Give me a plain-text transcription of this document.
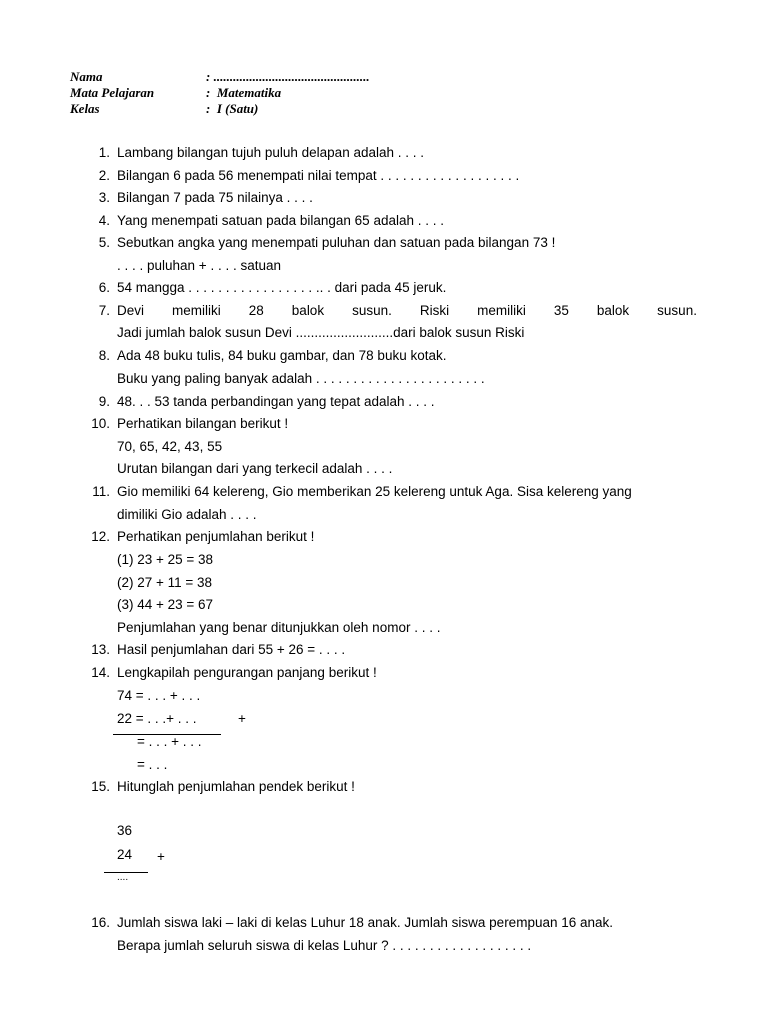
Nama	: ................................................
Mata Pelajaran	:  Matematika
Kelas	:  I (Satu)
1. Lambang bilangan tujuh puluh delapan adalah . . . .
2. Bilangan 6 pada 56 menempati nilai tempat . . . . . . . . . . . . . . . . . . .
3. Bilangan 7 pada 75 nilainya . . . .
4. Yang menempati satuan pada bilangan 65 adalah . . . .
5. Sebutkan angka yang menempati puluhan dan satuan pada bilangan 73 !
. . . . puluhan + . . . . satuan
6. 54 mangga . . . . . . . . . . . . . . . . . .. . dari pada 45 jeruk.
7. Devi memiliki 28 balok susun. Riski memiliki 35 balok susun.
Jadi jumlah balok susun Devi ..........................dari balok susun Riski
8. Ada 48 buku tulis, 84 buku gambar, dan 78 buku kotak.
Buku yang paling banyak adalah . . . . . . . . . . . . . . . . . . . . . . .
9. 48. . . 53 tanda perbandingan yang tepat adalah . . . .
10. Perhatikan bilangan berikut !
70, 65, 42, 43, 55
Urutan bilangan dari yang terkecil adalah . . . .
11. Gio memiliki 64 kelereng, Gio memberikan 25 kelereng untuk Aga. Sisa kelereng yang
dimiliki Gio adalah . . . .
12. Perhatikan penjumlahan berikut !
(1) 23 + 25 = 38
(2) 27 + 11 = 38
(3) 44 + 23 = 67
Penjumlahan yang benar ditunjukkan oleh nomor . . . .
13. Hasil penjumlahan dari 55 + 26 = . . . .
14. Lengkapilah pengurangan panjang berikut !
74 = . . . + . . .
22 = . . .+ . . .	+
= . . . + . . .
= . . .
15. Hitunglah penjumlahan pendek berikut !
36
24 +
....
16. Jumlah siswa laki – laki di kelas Luhur 18 anak. Jumlah siswa perempuan 16 anak.
Berapa jumlah seluruh siswa di kelas Luhur ? . . . . . . . . . . . . . . . . . . .
